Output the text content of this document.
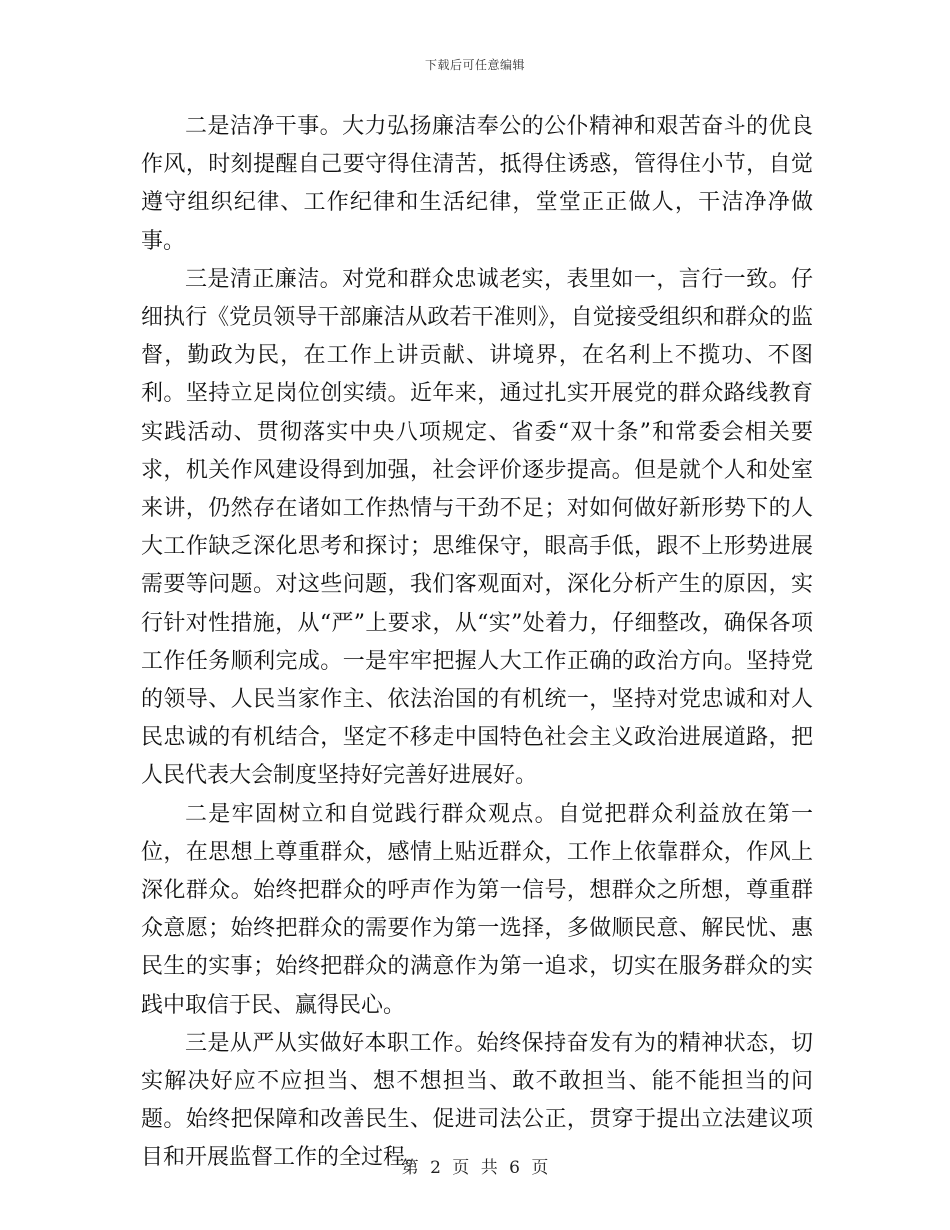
下载后可任意编辑

二是洁净干事。大力弘扬廉洁奉公的公仆精神和艰苦奋斗的优良作风，时刻提醒自己要守得住清苦，抵得住诱惑，管得住小节，自觉遵守组织纪律、工作纪律和生活纪律，堂堂正正做人，干洁净净做事。

三是清正廉洁。对党和群众忠诚老实，表里如一，言行一致。仔细执行《党员领导干部廉洁从政若干准则》，自觉接受组织和群众的监督，勤政为民，在工作上讲贡献、讲境界，在名利上不揽功、不图利。坚持立足岗位创实绩。近年来，通过扎实开展党的群众路线教育实践活动、贯彻落实中央八项规定、省委“双十条”和常委会相关要求，机关作风建设得到加强，社会评价逐步提高。但是就个人和处室来讲，仍然存在诸如工作热情与干劲不足；对如何做好新形势下的人大工作缺乏深化思考和探讨；思维保守，眼高手低，跟不上形势进展需要等问题。对这些问题，我们客观面对，深化分析产生的原因，实行针对性措施，从“严”上要求，从“实”处着力，仔细整改，确保各项工作任务顺利完成。一是牢牢把握人大工作正确的政治方向。坚持党的领导、人民当家作主、依法治国的有机统一，坚持对党忠诚和对人民忠诚的有机结合，坚定不移走中国特色社会主义政治进展道路，把人民代表大会制度坚持好完善好进展好。

二是牢固树立和自觉践行群众观点。自觉把群众利益放在第一位，在思想上尊重群众，感情上贴近群众，工作上依靠群众，作风上深化群众。始终把群众的呼声作为第一信号，想群众之所想，尊重群众意愿；始终把群众的需要作为第一选择，多做顺民意、解民忧、惠民生的实事；始终把群众的满意作为第一追求，切实在服务群众的实践中取信于民、赢得民心。

三是从严从实做好本职工作。始终保持奋发有为的精神状态，切实解决好应不应担当、想不想担当、敢不敢担当、能不能担当的问题。始终把保障和改善民生、促进司法公正，贯穿于提出立法建议项目和开展监督工作的全过程。

第 2 页 共 6 页
